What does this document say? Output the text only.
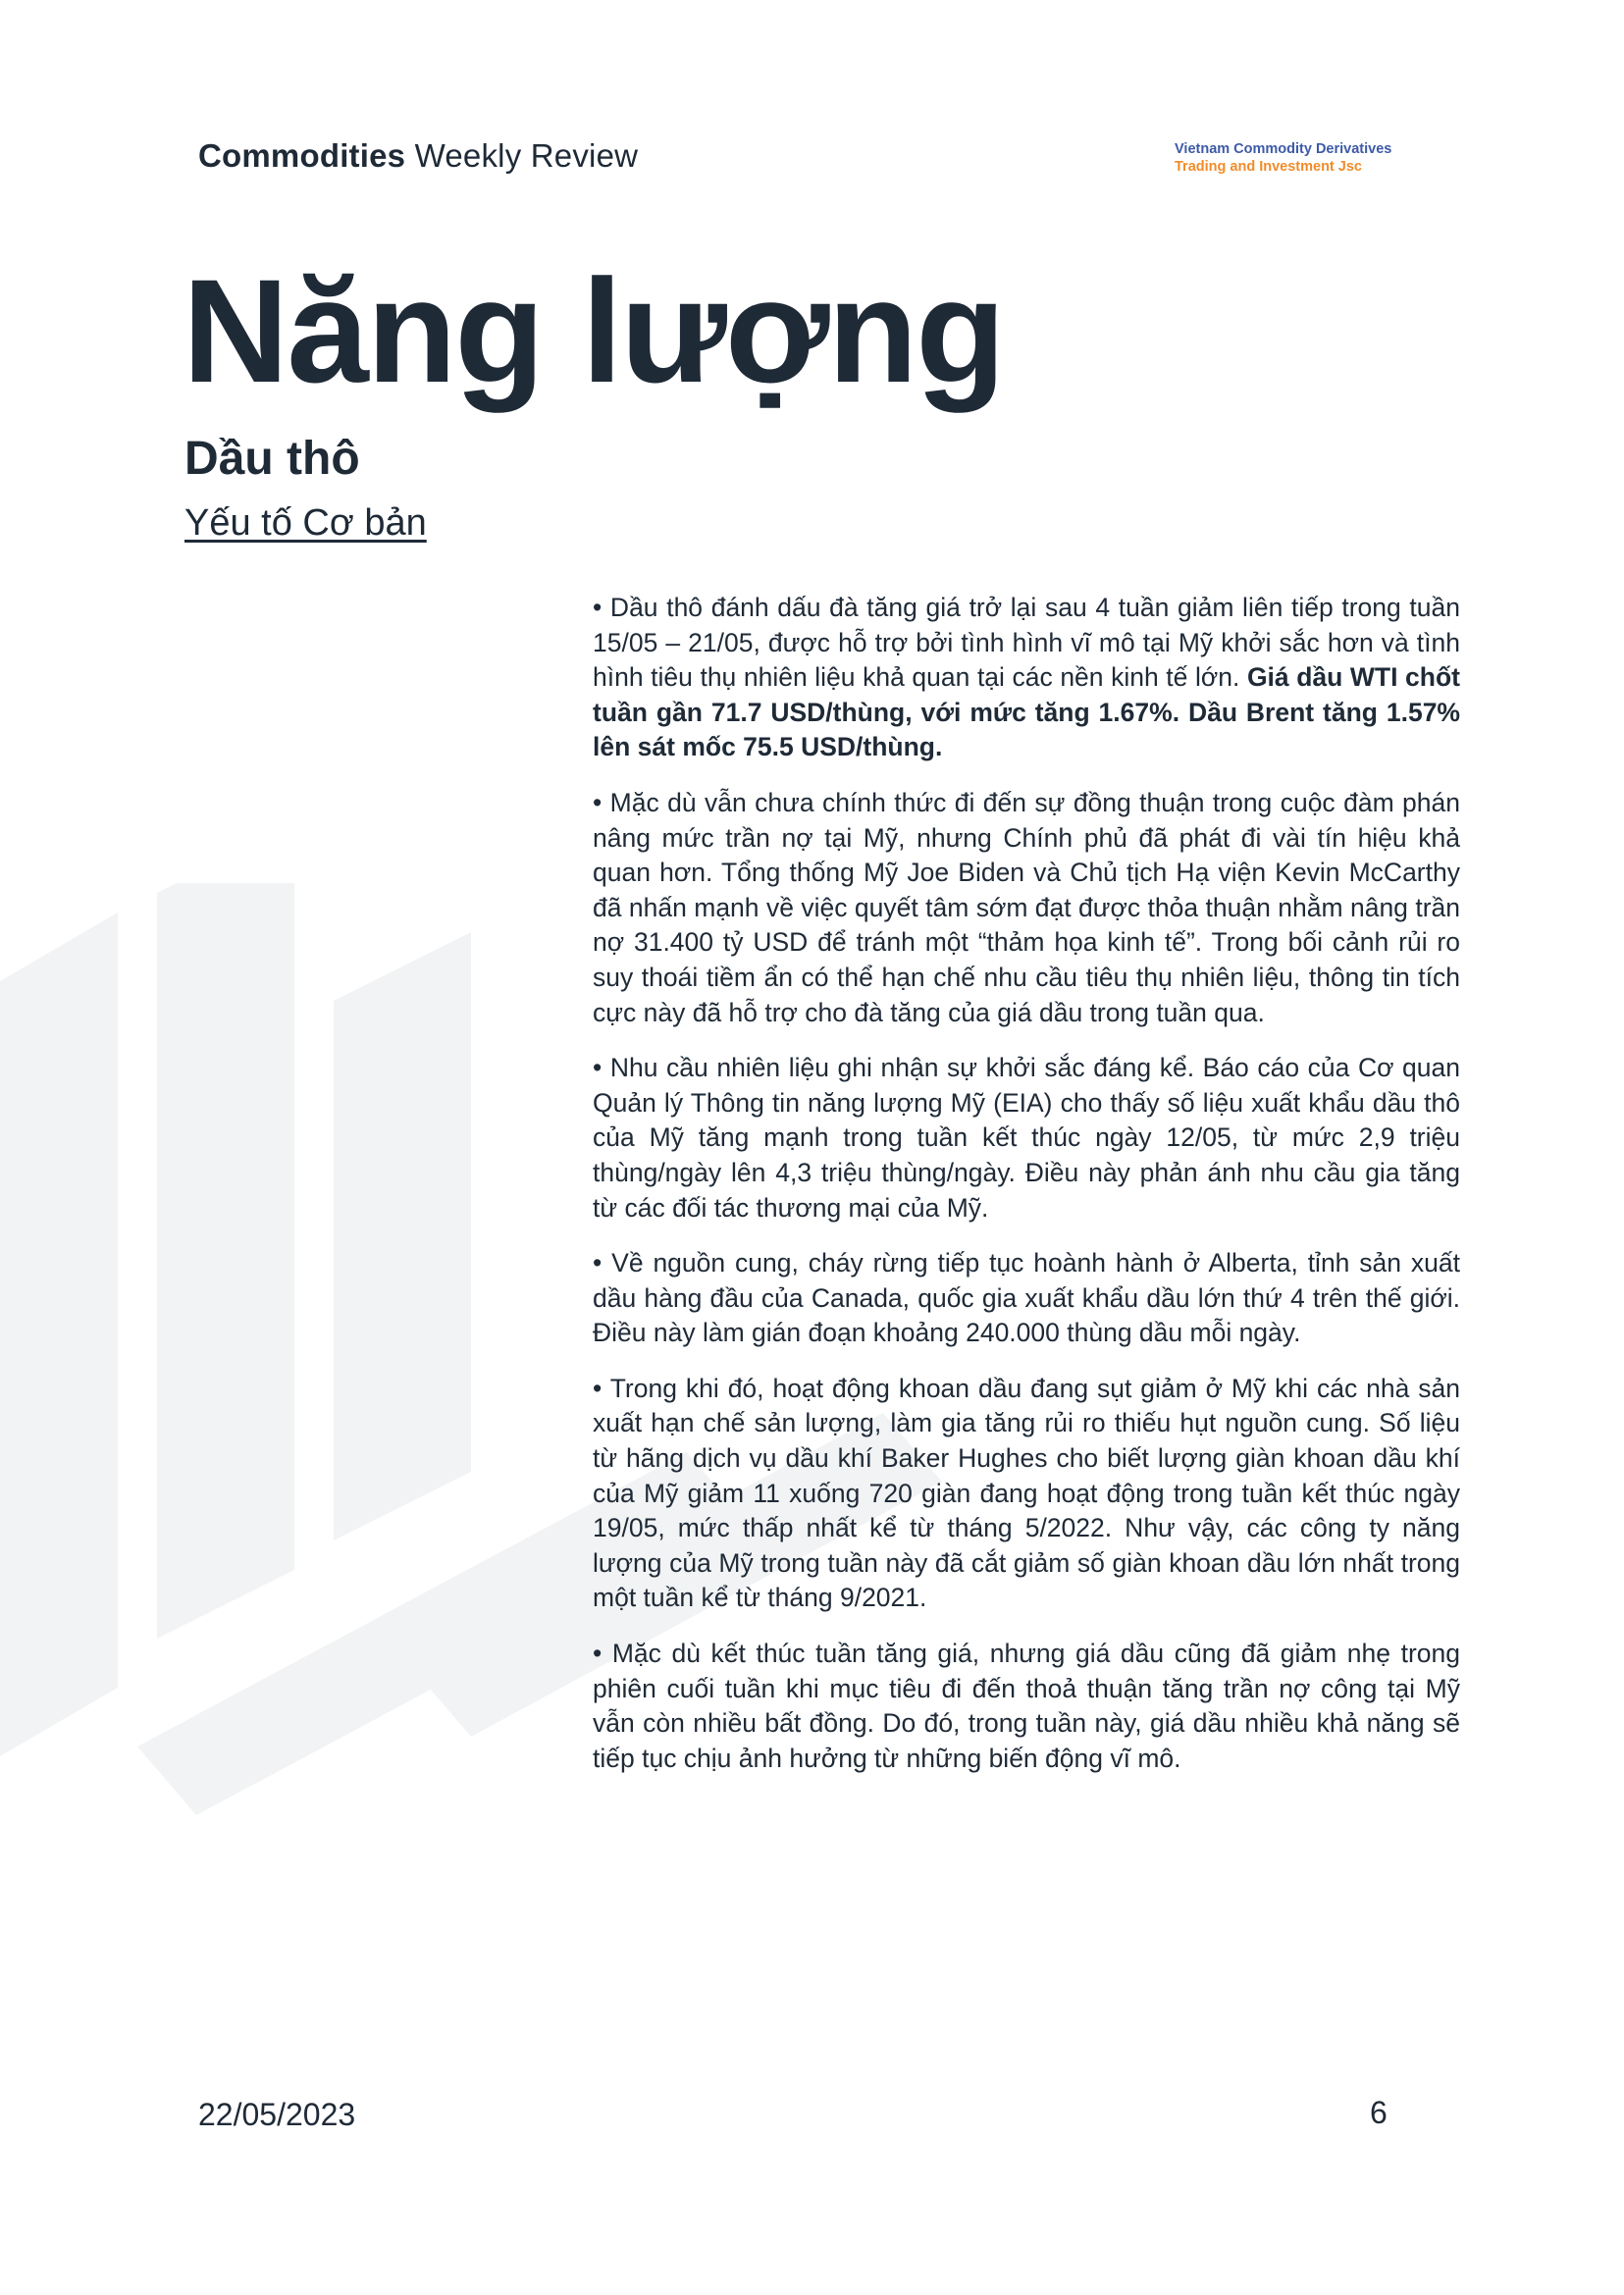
Commodities Weekly Review	Vietnam Commodity Derivatives
Trading and Investment Jsc
Năng lượng
Dầu thô
Yếu tố Cơ bản

• Dầu thô đánh dấu đà tăng giá trở lại sau 4 tuần giảm liên tiếp trong tuần 15/05 – 21/05, được hỗ trợ bởi tình hình vĩ mô tại Mỹ khởi sắc hơn và tình hình tiêu thụ nhiên liệu khả quan tại các nền kinh tế lớn. Giá dầu WTI chốt tuần gần 71.7 USD/thùng, với mức tăng 1.67%. Dầu Brent tăng 1.57% lên sát mốc 75.5 USD/thùng.

• Mặc dù vẫn chưa chính thức đi đến sự đồng thuận trong cuộc đàm phán nâng mức trần nợ tại Mỹ, nhưng Chính phủ đã phát đi vài tín hiệu khả quan hơn. Tổng thống Mỹ Joe Biden và Chủ tịch Hạ viện Kevin McCarthy đã nhấn mạnh về việc quyết tâm sớm đạt được thỏa thuận nhằm nâng trần nợ 31.400 tỷ USD để tránh một “thảm họa kinh tế”. Trong bối cảnh rủi ro suy thoái tiềm ẩn có thể hạn chế nhu cầu tiêu thụ nhiên liệu, thông tin tích cực này đã hỗ trợ cho đà tăng của giá dầu trong tuần qua.

• Nhu cầu nhiên liệu ghi nhận sự khởi sắc đáng kể. Báo cáo của Cơ quan Quản lý Thông tin năng lượng Mỹ (EIA) cho thấy số liệu xuất khẩu dầu thô của Mỹ tăng mạnh trong tuần kết thúc ngày 12/05, từ mức 2,9 triệu thùng/ngày lên 4,3 triệu thùng/ngày. Điều này phản ánh nhu cầu gia tăng từ các đối tác thương mại của Mỹ.

• Về nguồn cung, cháy rừng tiếp tục hoành hành ở Alberta, tỉnh sản xuất dầu hàng đầu của Canada, quốc gia xuất khẩu dầu lớn thứ 4 trên thế giới. Điều này làm gián đoạn khoảng 240.000 thùng dầu mỗi ngày.

• Trong khi đó, hoạt động khoan dầu đang sụt giảm ở Mỹ khi các nhà sản xuất hạn chế sản lượng, làm gia tăng rủi ro thiếu hụt nguồn cung. Số liệu từ hãng dịch vụ dầu khí Baker Hughes cho biết lượng giàn khoan dầu khí của Mỹ giảm 11 xuống 720 giàn đang hoạt động trong tuần kết thúc ngày 19/05, mức thấp nhất kể từ tháng 5/2022. Như vậy, các công ty năng lượng của Mỹ trong tuần này đã cắt giảm số giàn khoan dầu lớn nhất trong một tuần kể từ tháng 9/2021.

• Mặc dù kết thúc tuần tăng giá, nhưng giá dầu cũng đã giảm nhẹ trong phiên cuối tuần khi mục tiêu đi đến thoả thuận tăng trần nợ công tại Mỹ vẫn còn nhiều bất đồng. Do đó, trong tuần này, giá dầu nhiều khả năng sẽ tiếp tục chịu ảnh hưởng từ những biến động vĩ mô.

22/05/2023	6
